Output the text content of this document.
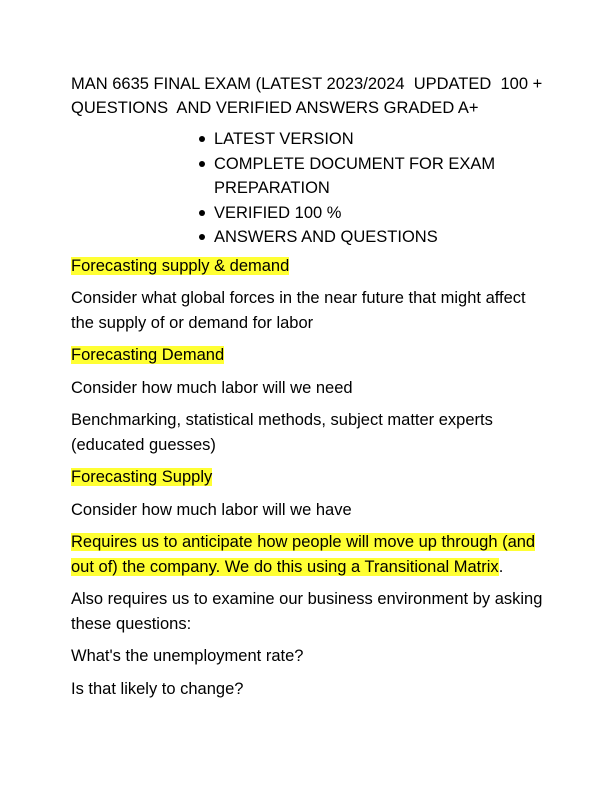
MAN 6635 FINAL EXAM (LATEST 2023/2024  UPDATED  100 + QUESTIONS  AND VERIFIED ANSWERS GRADED A+
LATEST VERSION
COMPLETE DOCUMENT FOR EXAM PREPARATION
VERIFIED 100 %
ANSWERS AND QUESTIONS

Forecasting supply & demand

Consider what global forces in the near future that might affect the supply of or demand for labor

Forecasting Demand

Consider how much labor will we need

Benchmarking, statistical methods, subject matter experts (educated guesses)

Forecasting Supply

Consider how much labor will we have

Requires us to anticipate how people will move up through (and out of) the company. We do this using a Transitional Matrix.

Also requires us to examine our business environment by asking these questions:

What's the unemployment rate?

Is that likely to change?
